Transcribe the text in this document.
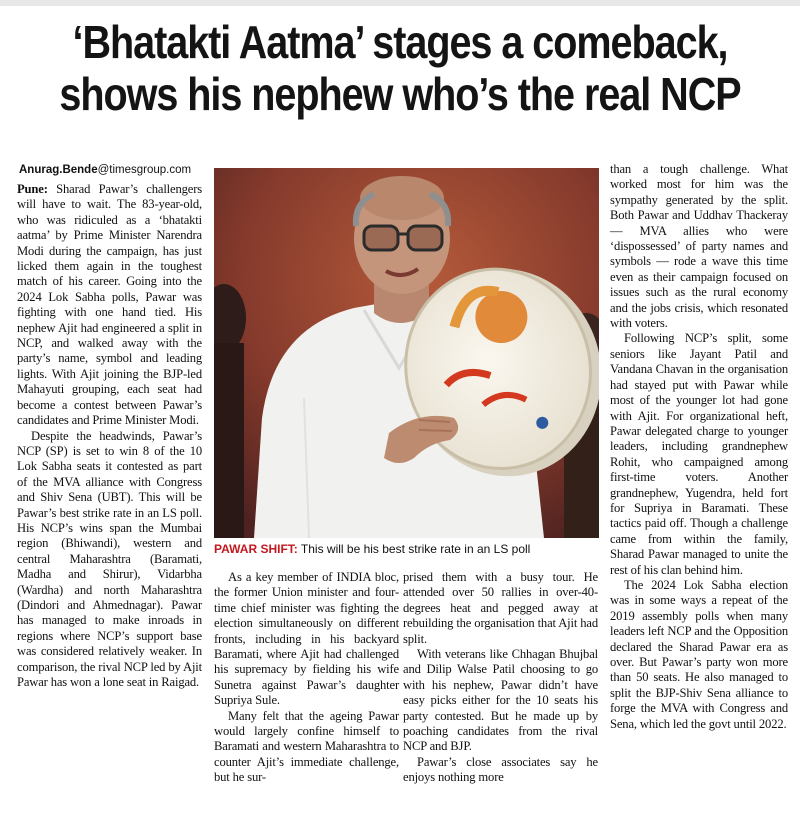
‘Bhatakti Aatma’ stages a comeback,
shows his nephew who’s the real NCP
Anurag.Bende@timesgroup.com

Pune: Sharad Pawar’s challengers will have to wait. The 83-year-old, who was ridiculed as a ‘bhatakti aatma’ by Prime Minister Narendra Modi during the campaign, has just licked them again in the toughest match of his career. Going into the 2024 Lok Sabha polls, Pawar was fighting with one hand tied. His nephew Ajit had engineered a split in NCP, and walked away with the party’s name, symbol and leading lights. With Ajit joining the BJP-led Mahayuti grouping, each seat had become a contest between Pawar’s candidates and Prime Minister Modi.

Despite the headwinds, Pawar’s NCP (SP) is set to win 8 of the 10 Lok Sabha seats it contested as part of the MVA alliance with Congress and Shiv Sena (UBT). This will be Pawar’s best strike rate in an LS poll. His NCP’s wins span the Mumbai region (Bhiwandi), western and central Maharashtra (Baramati, Madha and Shirur), Vidarbha (Wardha) and north Maharashtra (Dindori and Ahmednagar). Pawar has managed to make inroads in regions where NCP’s support base was considered relatively weaker. In comparison, the rival NCP led by Ajit Pawar has won a lone seat in Raigad.

PAWAR SHIFT: This will be his best strike rate in an LS poll

As a key member of INDIA bloc, the former Union minister and four-time chief minister was fighting the election simultaneously on different fronts, including in his backyard Baramati, where Ajit had challenged his supremacy by fielding his wife Sunetra against Pawar’s daughter Supriya Sule.

Many felt that the ageing Pawar would largely confine himself to Baramati and western Maharashtra to counter Ajit’s immediate challenge, but he sur-

prised them with a busy tour. He attended over 50 rallies in over-40-degrees heat and pegged away at rebuilding the organisation that Ajit had split.

With veterans like Chhagan Bhujbal and Dilip Walse Patil choosing to go with his nephew, Pawar didn’t have easy picks either for the 10 seats his party contested. But he made up by poaching candidates from the rival NCP and BJP.

Pawar’s close associates say he enjoys nothing more

than a tough challenge. What worked most for him was the sympathy generated by the split. Both Pawar and Uddhav Thackeray — MVA allies who were ‘dispossessed’ of party names and symbols — rode a wave this time even as their campaign focused on issues such as the rural economy and the jobs crisis, which resonated with voters.

Following NCP’s split, some seniors like Jayant Patil and Vandana Chavan in the organisation had stayed put with Pawar while most of the younger lot had gone with Ajit. For organizational heft, Pawar delegated charge to younger leaders, including grandnephew Rohit, who campaigned among first-time voters. Another grandnephew, Yugendra, held fort for Supriya in Baramati. These tactics paid off. Though a challenge came from within the family, Sharad Pawar managed to unite the rest of his clan behind him.

The 2024 Lok Sabha election was in some ways a repeat of the 2019 assembly polls when many leaders left NCP and the Opposition declared the Sharad Pawar era as over. But Pawar’s party won more than 50 seats. He also managed to split the BJP-Shiv Sena alliance to forge the MVA with Congress and Sena, which led the govt until 2022.
